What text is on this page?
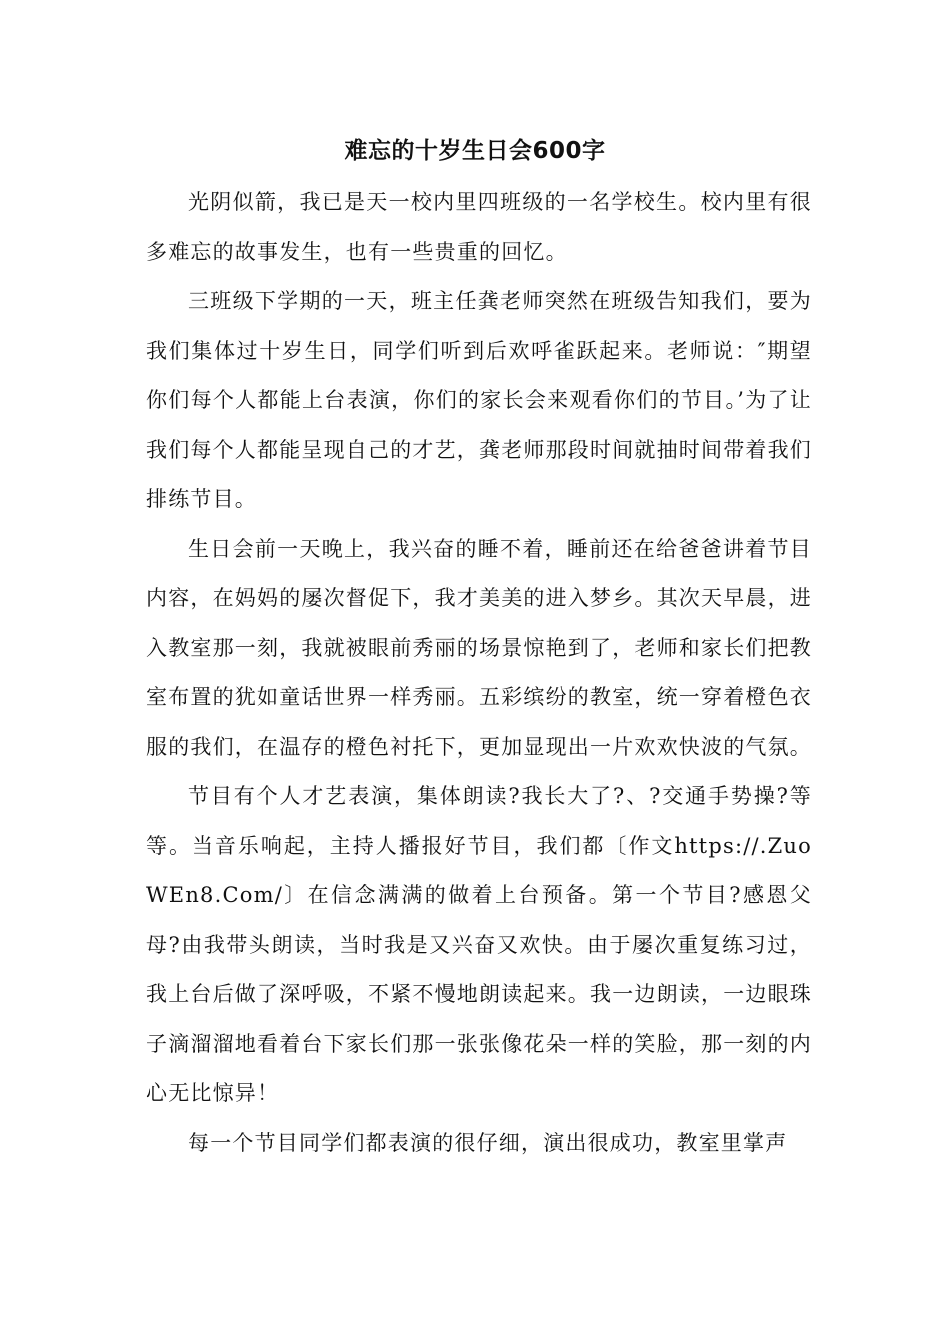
难忘的十岁生日会600字

光阴似箭，我已是天一校内里四班级的一名学校生。校内里有很多难忘的故事发生，也有一些贵重的回忆。

三班级下学期的一天，班主任龚老师突然在班级告知我们，要为我们集体过十岁生日，同学们听到后欢呼雀跃起来。老师说：″期望你们每个人都能上台表演，你们的家长会来观看你们的节目。’为了让我们每个人都能呈现自己的才艺，龚老师那段时间就抽时间带着我们排练节目。

生日会前一天晚上，我兴奋的睡不着，睡前还在给爸爸讲着节目内容，在妈妈的屡次督促下，我才美美的进入梦乡。其次天早晨，进入教室那一刻，我就被眼前秀丽的场景惊艳到了，老师和家长们把教室布置的犹如童话世界一样秀丽。五彩缤纷的教室，统一穿着橙色衣服的我们，在温存的橙色衬托下，更加显现出一片欢欢快波的气氛。

节目有个人才艺表演，集体朗读?我长大了?、?交通手势操?等等。当音乐响起，主持人播报好节目，我们都〔作文https://.ZuoWEn8.Com/〕在信念满满的做着上台预备。第一个节目?感恩父母?由我带头朗读，当时我是又兴奋又欢快。由于屡次重复练习过，我上台后做了深呼吸，不紧不慢地朗读起来。我一边朗读，一边眼珠子滴溜溜地看着台下家长们那一张张像花朵一样的笑脸，那一刻的内心无比惊异！

每一个节目同学们都表演的很仔细，演出很成功，教室里掌声
